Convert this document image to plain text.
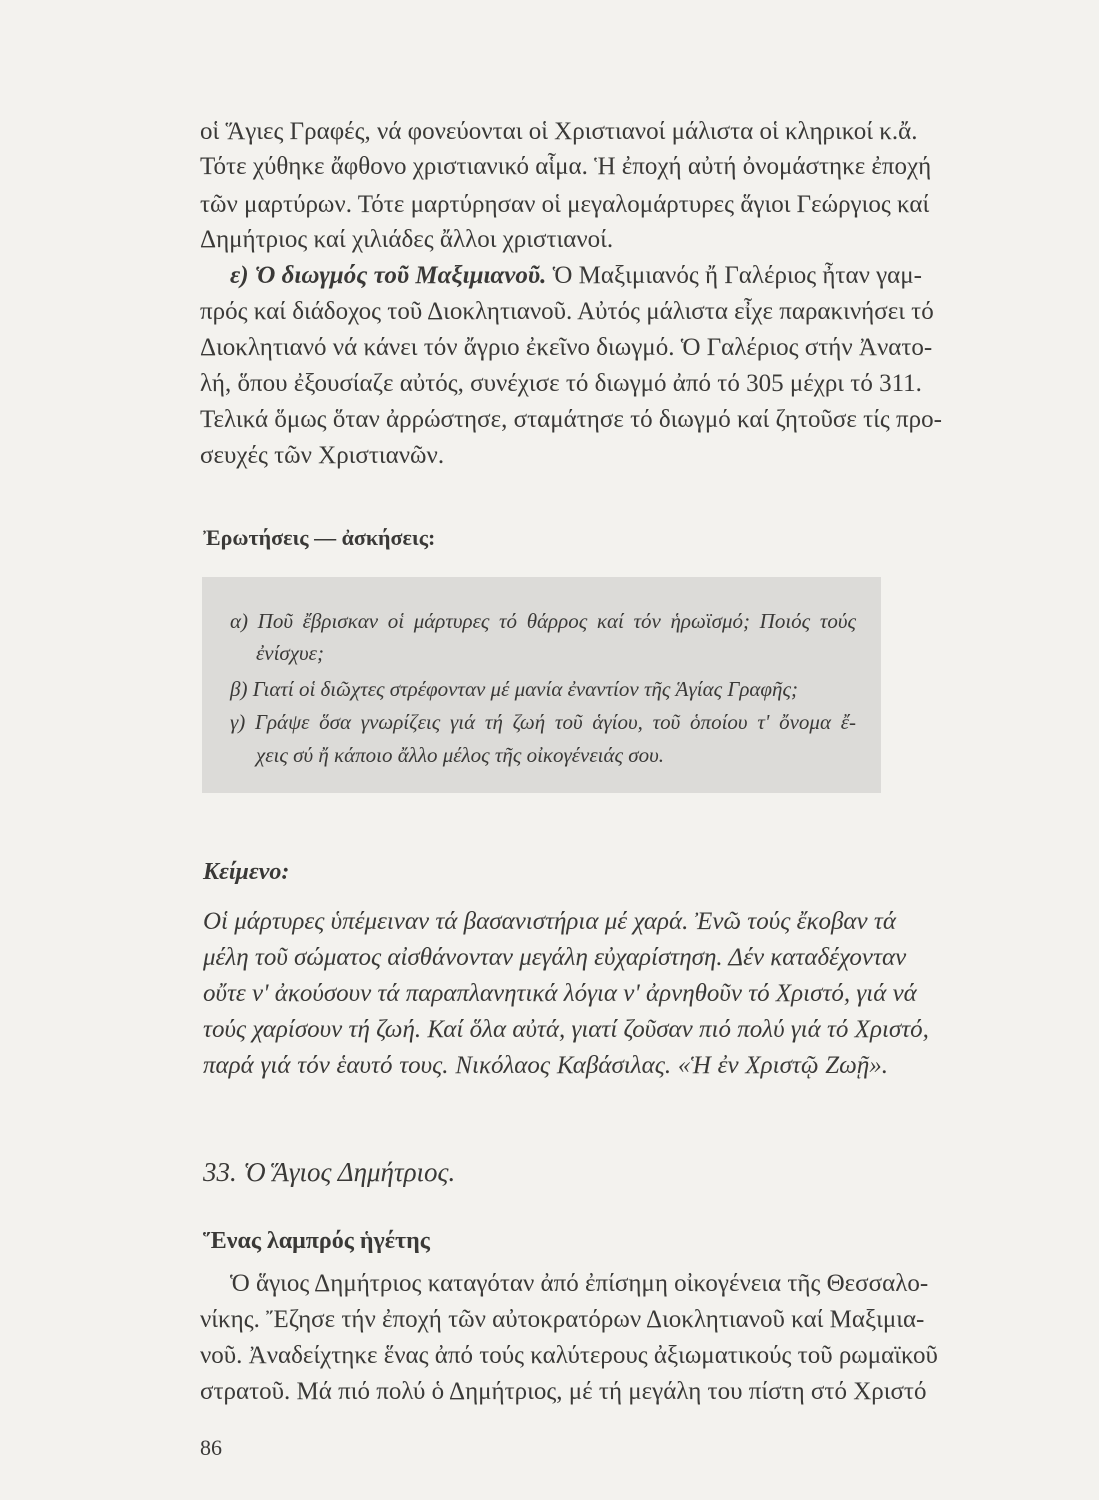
οἱ Ἅγιες Γραφές, νά φονεύονται οἱ Χριστιανοί μάλιστα οἱ κληρικοί κ.ἄ.
Τότε χύθηκε ἄφθονο χριστιανικό αἷμα. Ἡ ἐποχή αὐτή ὀνομάστηκε ἐποχή
τῶν μαρτύρων. Τότε μαρτύρησαν οἱ μεγαλομάρτυρες ἅγιοι Γεώργιος καί
Δημήτριος καί χιλιάδες ἄλλοι χριστιανοί.
ε) Ὁ διωγμός τοῦ Μαξιμιανοῦ. Ὁ Μαξιμιανός ἤ Γαλέριος ἦταν γαμ-
πρός καί διάδοχος τοῦ Διοκλητιανοῦ. Αὐτός μάλιστα εἶχε παρακινήσει τό
Διοκλητιανό νά κάνει τόν ἄγριο ἐκεῖνο διωγμό. Ὁ Γαλέριος στήν Ἀνατο-
λή, ὅπου ἐξουσίαζε αὐτός, συνέχισε τό διωγμό ἀπό τό 305 μέχρι τό 311.
Τελικά ὅμως ὅταν ἀρρώστησε, σταμάτησε τό διωγμό καί ζητοῦσε τίς προ-
σευχές τῶν Χριστιανῶν.
Ἐρωτήσεις — ἀσκήσεις:
α) Ποῦ ἔβρισκαν οἱ μάρτυρες τό θάρρος καί τόν ἡρωϊσμό; Ποιός τούς
ἐνίσχυε;
β) Γιατί οἱ διῶχτες στρέφονταν μέ μανία ἐναντίον τῆς Ἁγίας Γραφῆς;
γ) Γράψε ὅσα γνωρίζεις γιά τή ζωή τοῦ ἁγίου, τοῦ ὁποίου τ' ὄνομα ἔ-
χεις σύ ἤ κάποιο ἄλλο μέλος τῆς οἰκογένειάς σου.
Κείμενο:
Οἱ μάρτυρες ὑπέμειναν τά βασανιστήρια μέ χαρά. Ἐνῶ τούς ἔκοβαν τά
μέλη τοῦ σώματος αἰσθάνονταν μεγάλη εὐχαρίστηση. Δέν καταδέχονταν
οὔτε ν' ἀκούσουν τά παραπλανητικά λόγια ν' ἀρνηθοῦν τό Χριστό, γιά νά
τούς χαρίσουν τή ζωή. Καί ὅλα αὐτά, γιατί ζοῦσαν πιό πολύ γιά τό Χριστό,
παρά γιά τόν ἑαυτό τους. Νικόλαος Καβάσιλας. «Ἡ ἐν Χριστῷ Ζωῇ».
33. Ὁ Ἅγιος Δημήτριος.
Ἕνας λαμπρός ἡγέτης
Ὁ ἅγιος Δημήτριος καταγόταν ἀπό ἐπίσημη οἰκογένεια τῆς Θεσσαλο-
νίκης. Ἔζησε τήν ἐποχή τῶν αὐτοκρατόρων Διοκλητιανοῦ καί Μαξιμια-
νοῦ. Ἀναδείχτηκε ἕνας ἀπό τούς καλύτερους ἀξιωματικούς τοῦ ρωμαϊκοῦ
στρατοῦ. Μά πιό πολύ ὁ Δημήτριος, μέ τή μεγάλη του πίστη στό Χριστό
86
